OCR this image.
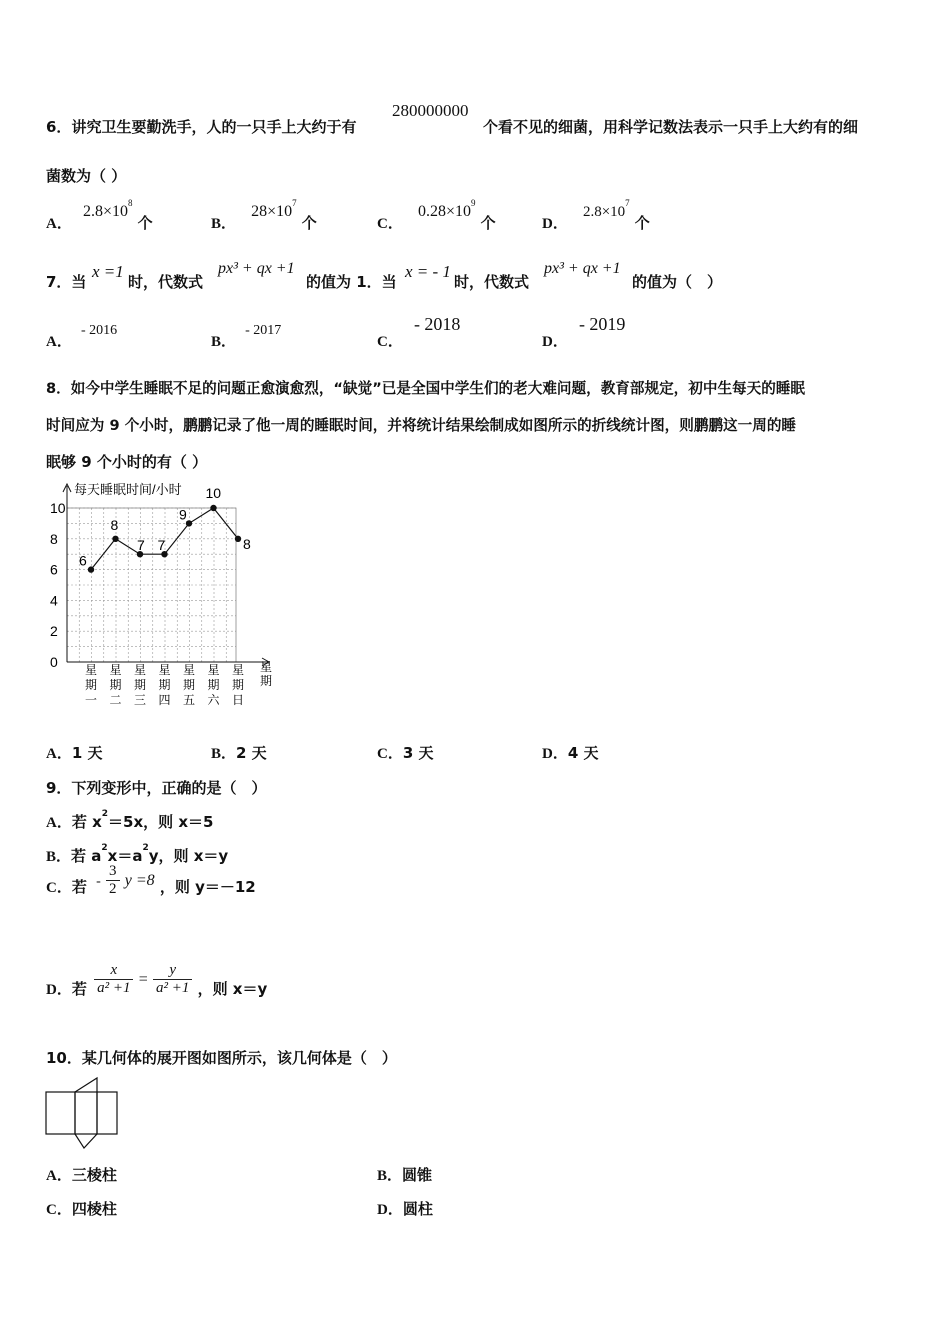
6．讲究卫生要勤洗手，人的一只手上大约于有
280000000
个看不见的细菌，用科学记数法表示一只手上大约有的细
菌数为（ ）
A． $2.8\times 10^8$ 个	B． $28\times 10^7$ 个	C． $0.28\times 10^9$ 个	D． $2.8\times 10^7$ 个
7．当
x =1
时，代数式
px³ + qx +1
的值为 1．当
x = - 1
时，代数式
px³ + qx +1
的值为（　）
A． - 2016
B． - 2017
C． - 2018
D． - 2019
8．如今中学生睡眠不足的问题正愈演愈烈，“缺觉”已是全国中学生们的老大难问题，教育部规定，初中生每天的睡眠
时间应为 9 个小时，鹏鹏记录了他一周的睡眠时间，并将统计结果绘制成如图所示的折线统计图，则鹏鹏这一周的睡
眠够 9 个小时的有（ ）
星
期
每天睡眠时间/小时
0
2
4
6
8
10
星
期
一
星
期
二
星
期
三
星
期
四
星
期
五
星
期
六
星
期
日
6
8
7 7
9
10
8
A．1 天	B．2 天	C．3 天	D．4 天
9．下列变形中，正确的是（　）
A．若 $x^2=5x$，则 x＝5
B．若 $a^2x=a^2y$，则 x＝y
C．若 - $\frac{3}{2}$ y =8 ，则 y＝－12
D．若 $\frac{x}{\text{a² +1}} = \frac{y}{\text{a² +1}}$ ，则 x＝y
10．某几何体的展开图如图所示，该几何体是（　）
A．三棱柱	B．圆锥
C．四棱柱	D．圆柱
